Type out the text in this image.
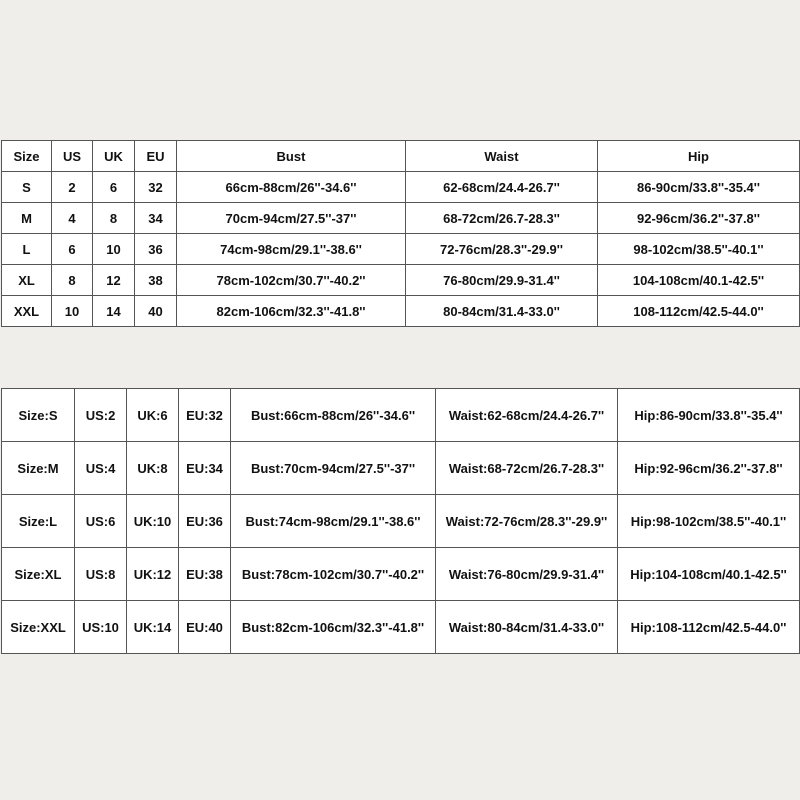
Size	US	UK	EU	Bust	Waist	Hip
S	2	6	32	66cm-88cm/26''-34.6''	62-68cm/24.4-26.7''	86-90cm/33.8''-35.4''
M	4	8	34	70cm-94cm/27.5''-37''	68-72cm/26.7-28.3''	92-96cm/36.2''-37.8''
L	6	10	36	74cm-98cm/29.1''-38.6''	72-76cm/28.3''-29.9''	98-102cm/38.5''-40.1''
XL	8	12	38	78cm-102cm/30.7''-40.2''	76-80cm/29.9-31.4''	104-108cm/40.1-42.5''
XXL	10	14	40	82cm-106cm/32.3''-41.8''	80-84cm/31.4-33.0''	108-112cm/42.5-44.0''
Size:S	US:2	UK:6	EU:32	Bust:66cm-88cm/26''-34.6''	Waist:62-68cm/24.4-26.7''	Hip:86-90cm/33.8''-35.4''
Size:M	US:4	UK:8	EU:34	Bust:70cm-94cm/27.5''-37''	Waist:68-72cm/26.7-28.3''	Hip:92-96cm/36.2''-37.8''
Size:L	US:6	UK:10	EU:36	Bust:74cm-98cm/29.1''-38.6''	Waist:72-76cm/28.3''-29.9''	Hip:98-102cm/38.5''-40.1''
Size:XL	US:8	UK:12	EU:38	Bust:78cm-102cm/30.7''-40.2''	Waist:76-80cm/29.9-31.4''	Hip:104-108cm/40.1-42.5''
Size:XXL	US:10	UK:14	EU:40	Bust:82cm-106cm/32.3''-41.8''	Waist:80-84cm/31.4-33.0''	Hip:108-112cm/42.5-44.0''
